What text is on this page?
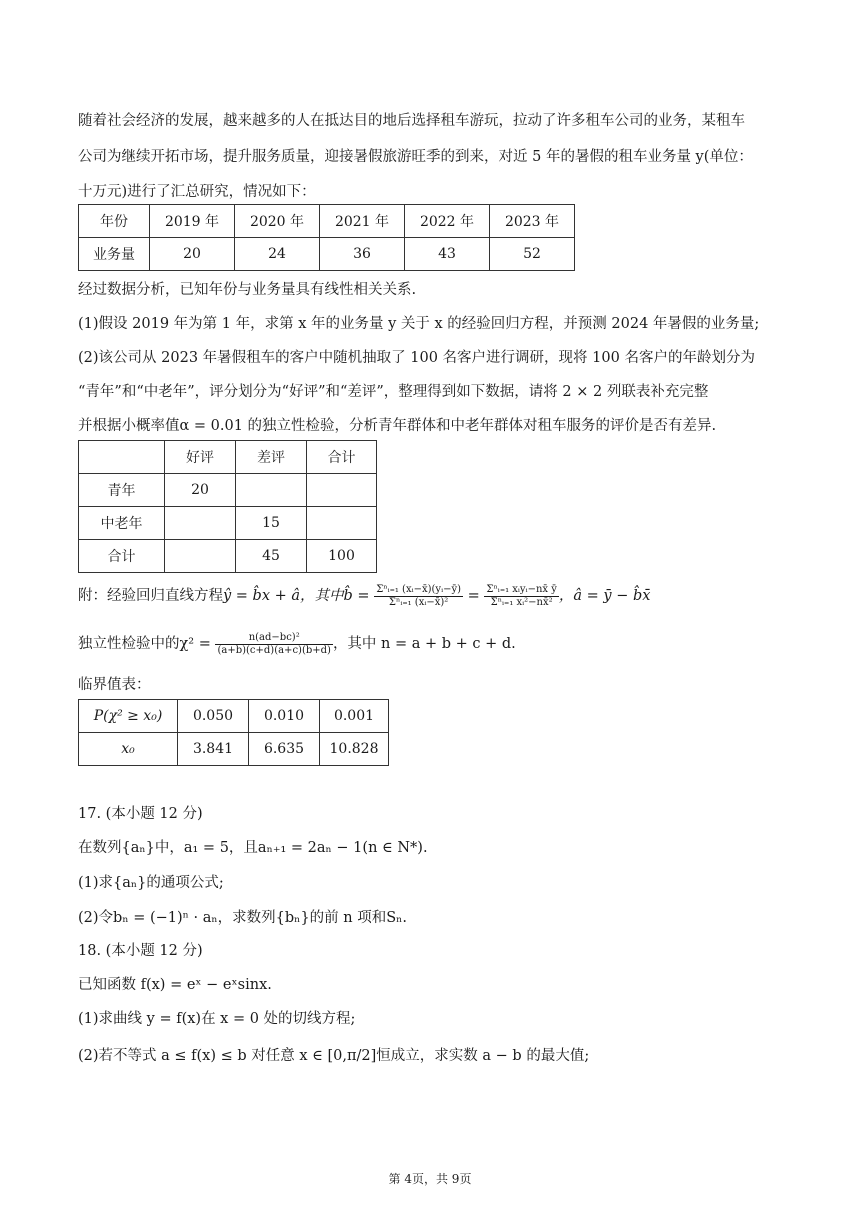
随着社会经济的发展，越来越多的人在抵达目的地后选择租车游玩，拉动了许多租车公司的业务，某租车
公司为继续开拓市场，提升服务质量，迎接暑假旅游旺季的到来，对近 5 年的暑假的租车业务量 y(单位：
十万元)进行了汇总研究，情况如下：
年份	2019 年	2020 年	2021 年	2022 年	2023 年
业务量	20	24	36	43	52
经过数据分析，已知年份与业务量具有线性相关关系.
(1)假设 2019 年为第 1 年，求第 x 年的业务量 y 关于 x 的经验回归方程，并预测 2024 年暑假的业务量;
(2)该公司从 2023 年暑假租车的客户中随机抽取了 100 名客户进行调研，现将 100 名客户的年龄划分为
“青年”和“中老年”，评分划分为“好评”和“差评”，整理得到如下数据，请将 2 × 2 列联表补充完整
并根据小概率值α = 0.01 的独立性检验，分析青年群体和中老年群体对租车服务的评价是否有差异.
	好评	差评	合计
青年	20		
中老年		15	
合计		45	100
附：经验回归直线方程ŷ = b̂x + â，其中b̂ = $\frac{\text{Σⁿᵢ₌₁ (xᵢ−x̄)(yᵢ−ȳ)}}{\text{Σⁿᵢ₌₁ (xᵢ−x̄)²}} = \frac{\text{Σⁿᵢ₌₁ xᵢyᵢ−nx̄ ȳ}}{\text{Σⁿᵢ₌₁ xᵢ²−nx̄²}}$ ，â = ȳ − b̂x̄
独立性检验中的$\chi^2 = \frac{\text{n(ad−bc)²}}{(a+b)(c+d)(a+c)(b+d)}$ ，其中 n = a + b + c + d.
临界值表：
P(χ² ≥ x₀)	0.050	0.010	0.001
x₀	3.841	6.635	10.828
17. (本小题 12 分)
在数列{aₙ}中，a₁ = 5，且aₙ₊₁ = 2aₙ − 1(n ∈ N*).
(1)求{aₙ}的通项公式;
(2)令bₙ = (−1)ⁿ · aₙ，求数列{bₙ}的前 n 项和Sₙ.
18. (本小题 12 分)
已知函数 f(x) = eˣ − eˣsinx.
(1)求曲线 y = f(x)在 x = 0 处的切线方程;
(2)若不等式 a ≤ f(x) ≤ b 对任意 x ∈ [0,π/2]恒成立，求实数 a − b 的最大值;
第 4页，共 9页
